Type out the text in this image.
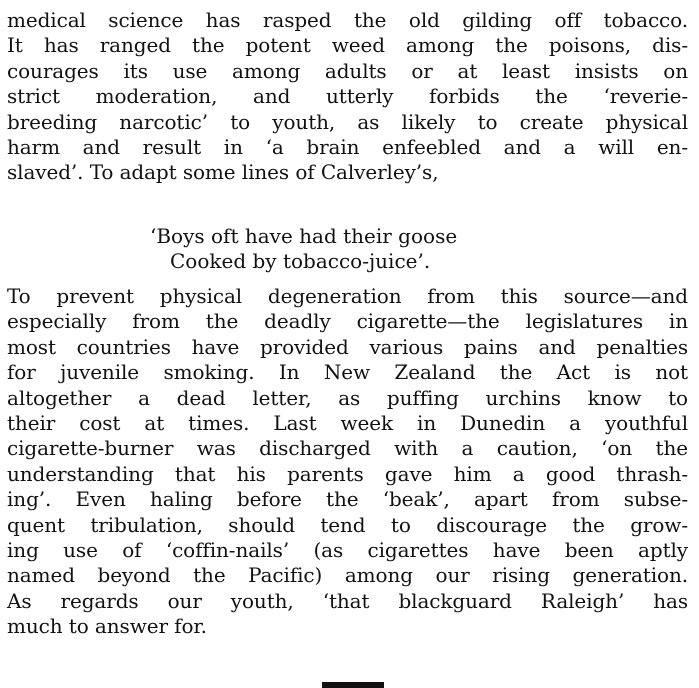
medical science has rasped the old gilding off tobacco.
It has ranged the potent weed among the poisons, dis-
courages its use among adults or at least insists on
strict moderation, and utterly forbids the ‘reverie-
breeding narcotic’ to youth, as likely to create physical
harm and result in ‘a brain enfeebled and a will en-
slaved’. To adapt some lines of Calverley’s,
‘Boys oft have had their goose
Cooked by tobacco-juice’.
To prevent physical degeneration from this source—and
especially from the deadly cigarette—the legislatures in
most countries have provided various pains and penalties
for juvenile smoking. In New Zealand the Act is not
altogether a dead letter, as puffing urchins know to
their cost at times. Last week in Dunedin a youthful
cigarette-burner was discharged with a caution, ‘on the
understanding that his parents gave him a good thrash-
ing’. Even haling before the ‘beak’, apart from subse-
quent tribulation, should tend to discourage the grow-
ing use of ‘coffin-nails’ (as cigarettes have been aptly
named beyond the Pacific) among our rising generation.
As regards our youth, ‘that blackguard Raleigh’ has
much to answer for.
